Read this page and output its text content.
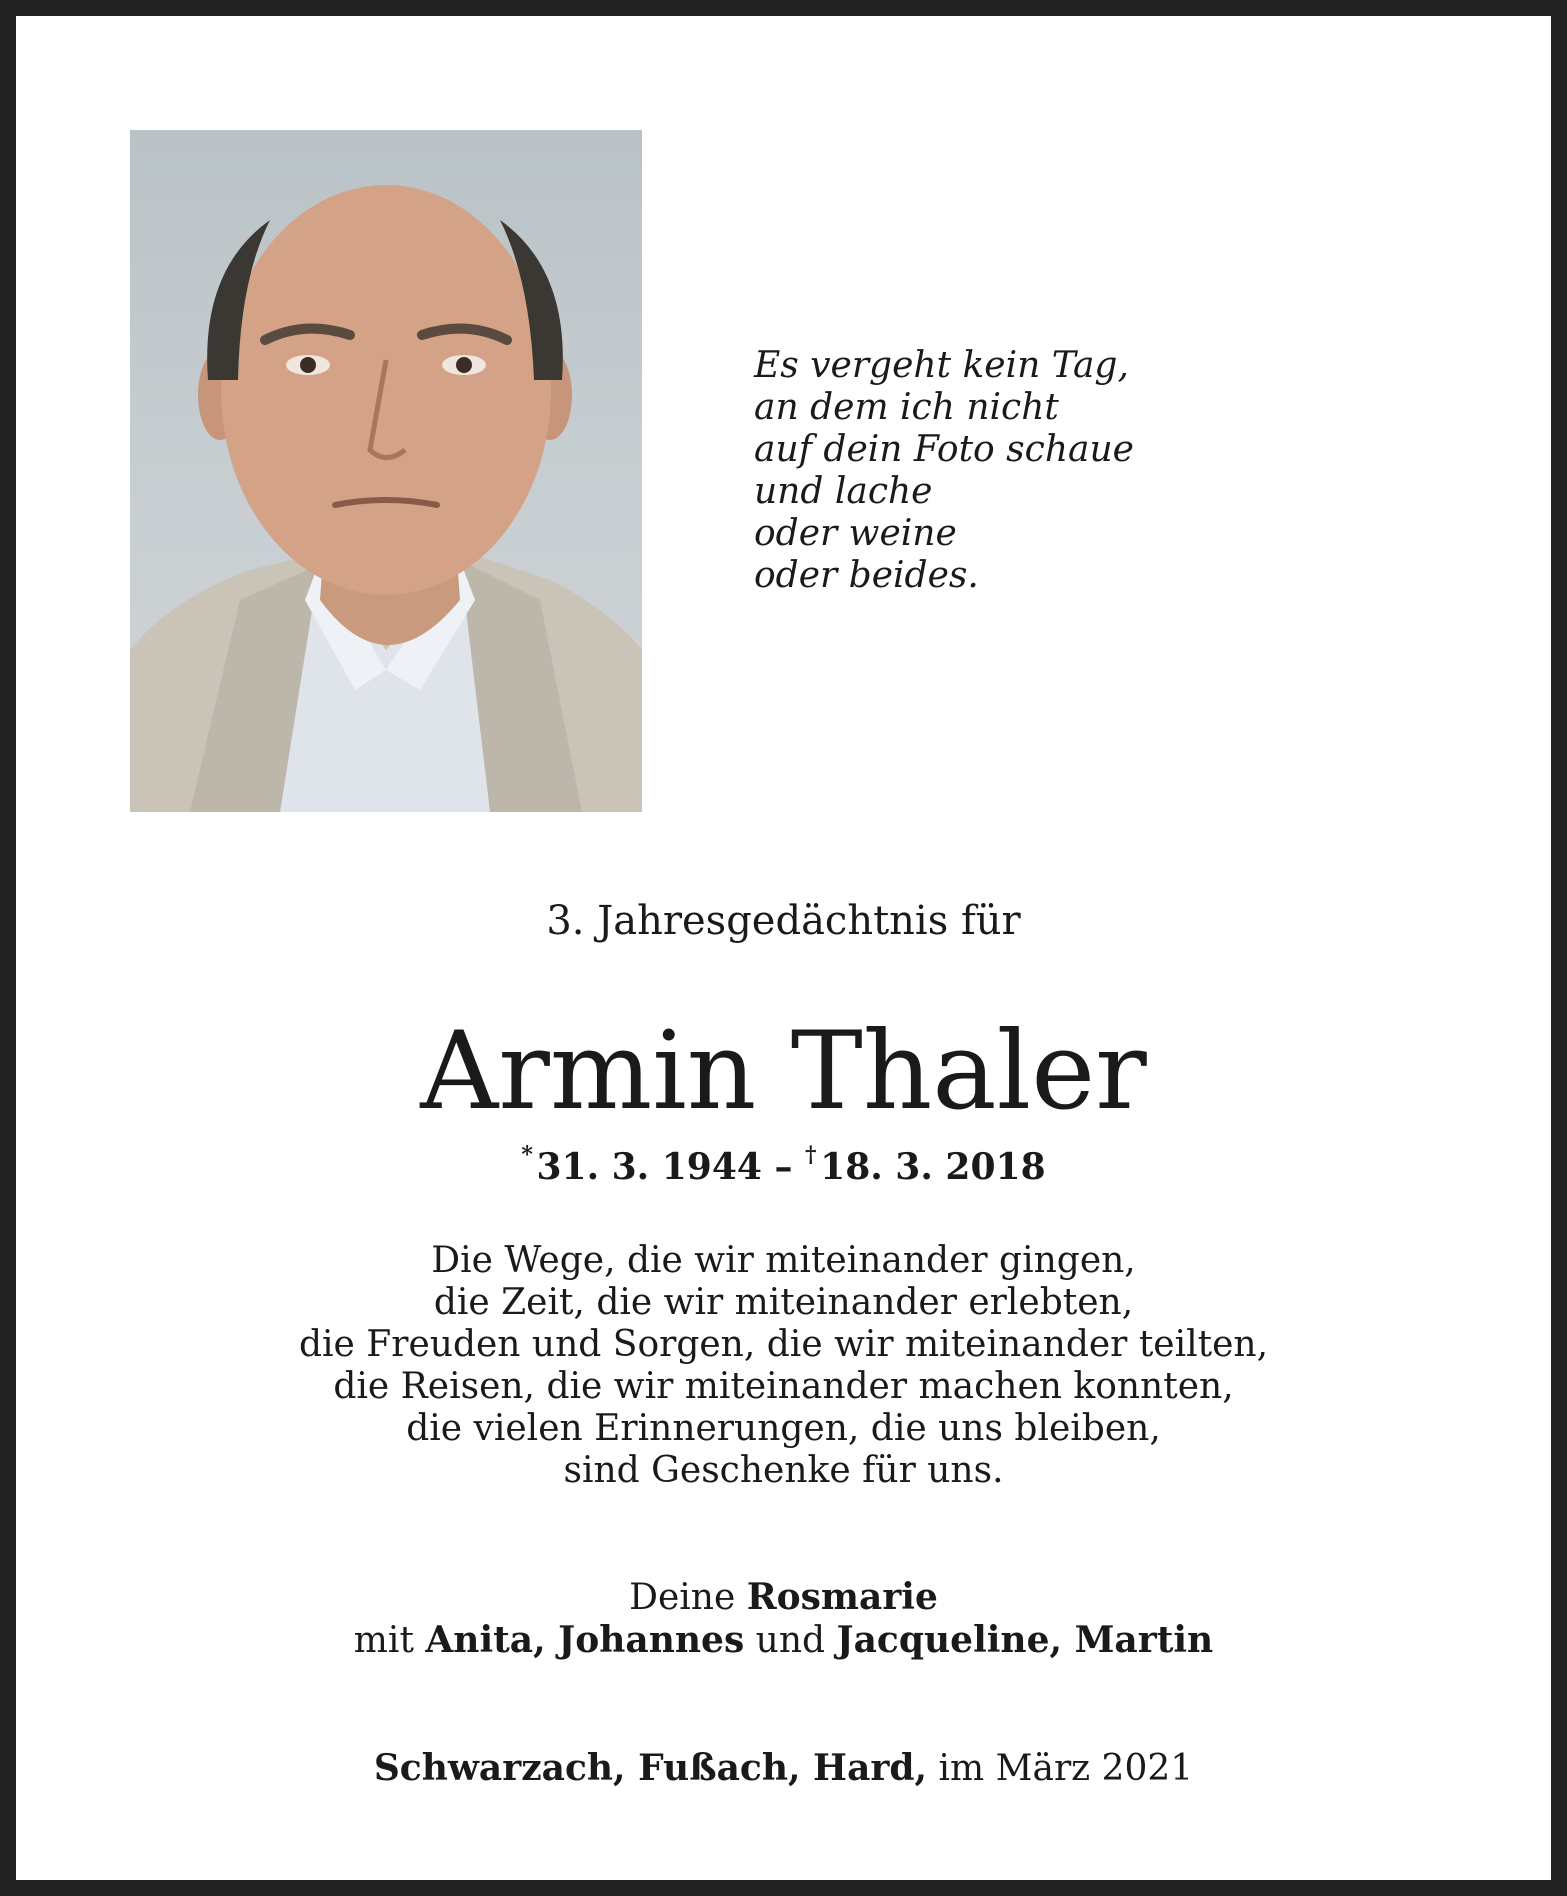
Es vergeht kein Tag,
an dem ich nicht
auf dein Foto schaue
und lache
oder weine
oder beides.
3. Jahresgedächtnis für
Armin Thaler
* 31. 3. 1944 – † 18. 3. 2018
Die Wege, die wir miteinander gingen,
die Zeit, die wir miteinander erlebten,
die Freuden und Sorgen, die wir miteinander teilten,
die Reisen, die wir miteinander machen konnten,
die vielen Erinnerungen, die uns bleiben,
sind Geschenke für uns.
Deine Rosmarie
mit Anita, Johannes und Jacqueline, Martin
Schwarzach, Fußach, Hard, im März 2021
